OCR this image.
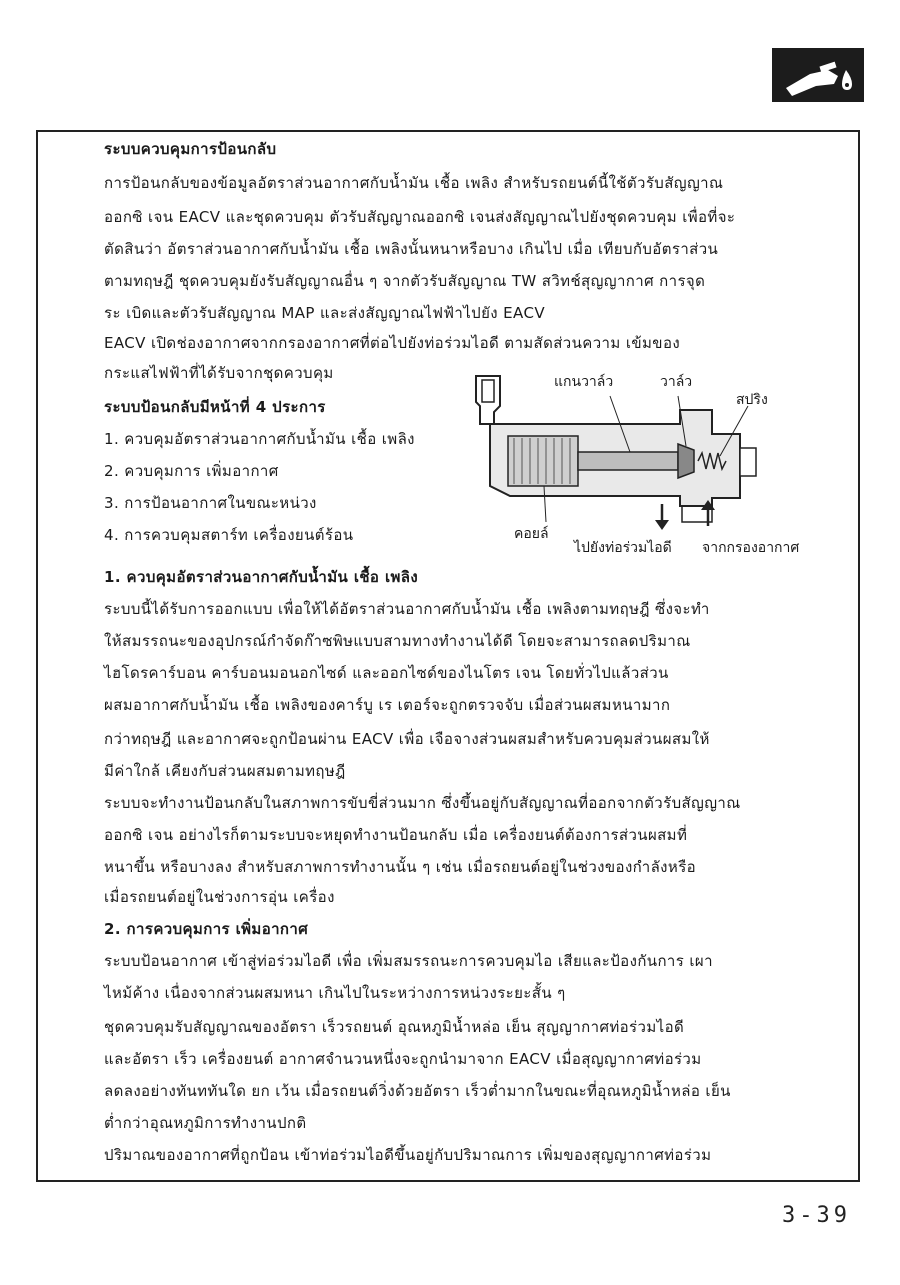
ระบบควบคุมการป้อนกลับ
การป้อนกลับของข้อมูลอัตราส่วนอากาศกับน้ำมัน เชื้อ เพลิง สำหรับรถยนต์นี้ใช้ตัวรับสัญญาณ
ออกซิ เจน EACV และชุดควบคุม ตัวรับสัญญาณออกซิ เจนส่งสัญญาณไปยังชุดควบคุม เพื่อที่จะ
ตัดสินว่า อัตราส่วนอากาศกับน้ำมัน เชื้อ เพลิงนั้นหนาหรือบาง เกินไป เมื่อ เทียบกับอัตราส่วน
ตามทฤษฎี ชุดควบคุมยังรับสัญญาณอื่น ๆ จากตัวรับสัญญาณ TW สวิทช์สุญญากาศ การจุด
ระ เบิดและตัวรับสัญญาณ MAP และส่งสัญญาณไฟฟ้าไปยัง EACV
EACV เปิดช่องอากาศจากกรองอากาศที่ต่อไปยังท่อร่วมไอดี ตามสัดส่วนความ เข้มของ
กระแสไฟฟ้าที่ได้รับจากชุดควบคุม
ระบบป้อนกลับมีหน้าที่ 4 ประการ
1. ควบคุมอัตราส่วนอากาศกับน้ำมัน เชื้อ เพลิง
2. ควบคุมการ เพิ่มอากาศ
3. การป้อนอากาศในขณะหน่วง
4. การควบคุมสตาร์ท เครื่องยนต์ร้อน
แกนวาล์ว	วาล์ว
สปริง
คอยล์
ไปยังท่อร่วมไอดี จากกรองอากาศ
1. ควบคุมอัตราส่วนอากาศกับน้ำมัน เชื้อ เพลิง
ระบบนี้ได้รับการออกแบบ เพื่อให้ได้อัตราส่วนอากาศกับน้ำมัน เชื้อ เพลิงตามทฤษฎี ซึ่งจะทำ
ให้สมรรถนะของอุปกรณ์กำจัดก๊าซพิษแบบสามทางทำงานได้ดี โดยจะสามารถลดปริมาณ
ไฮโดรคาร์บอน คาร์บอนมอนอกไซด์ และออกไซด์ของไนโตร เจน โดยทั่วไปแล้วส่วน
ผสมอากาศกับน้ำมัน เชื้อ เพลิงของคาร์บู เร เตอร์จะถูกตรวจจับ เมื่อส่วนผสมหนามาก
กว่าทฤษฎี และอากาศจะถูกป้อนผ่าน EACV เพื่อ เจือจางส่วนผสมสำหรับควบคุมส่วนผสมให้
มีค่าใกล้ เคียงกับส่วนผสมตามทฤษฎี
ระบบจะทำงานป้อนกลับในสภาพการขับขี่ส่วนมาก ซึ่งขึ้นอยู่กับสัญญาณที่ออกจากตัวรับสัญญาณ
ออกซิ เจน อย่างไรก็ตามระบบจะหยุดทำงานป้อนกลับ เมื่อ เครื่องยนต์ต้องการส่วนผสมที่
หนาขึ้น หรือบางลง สำหรับสภาพการทำงานนั้น ๆ เช่น เมื่อรถยนต์อยู่ในช่วงของกำลังหรือ
เมื่อรถยนต์อยู่ในช่วงการอุ่น เครื่อง
2. การควบคุมการ เพิ่มอากาศ
ระบบป้อนอากาศ เข้าสู่ท่อร่วมไอดี เพื่อ เพิ่มสมรรถนะการควบคุมไอ เสียและป้องกันการ เผา
ไหม้ค้าง เนื่องจากส่วนผสมหนา เกินไปในระหว่างการหน่วงระยะสั้น ๆ
ชุดควบคุมรับสัญญาณของอัตรา เร็วรถยนต์ อุณหภูมิน้ำหล่อ เย็น สุญญากาศท่อร่วมไอดี
และอัตรา เร็ว เครื่องยนต์ อากาศจำนวนหนึ่งจะถูกนำมาจาก EACV เมื่อสุญญากาศท่อร่วม
ลดลงอย่างทันททันใด ยก เว้น เมื่อรถยนต์วิ่งด้วยอัตรา เร็วต่ำมากในขณะที่อุณหภูมิน้ำหล่อ เย็น
ต่ำกว่าอุณหภูมิการทำงานปกติ
ปริมาณของอากาศที่ถูกป้อน เข้าท่อร่วมไอดีขึ้นอยู่กับปริมาณการ เพิ่มของสุญญากาศท่อร่วม
3-39
